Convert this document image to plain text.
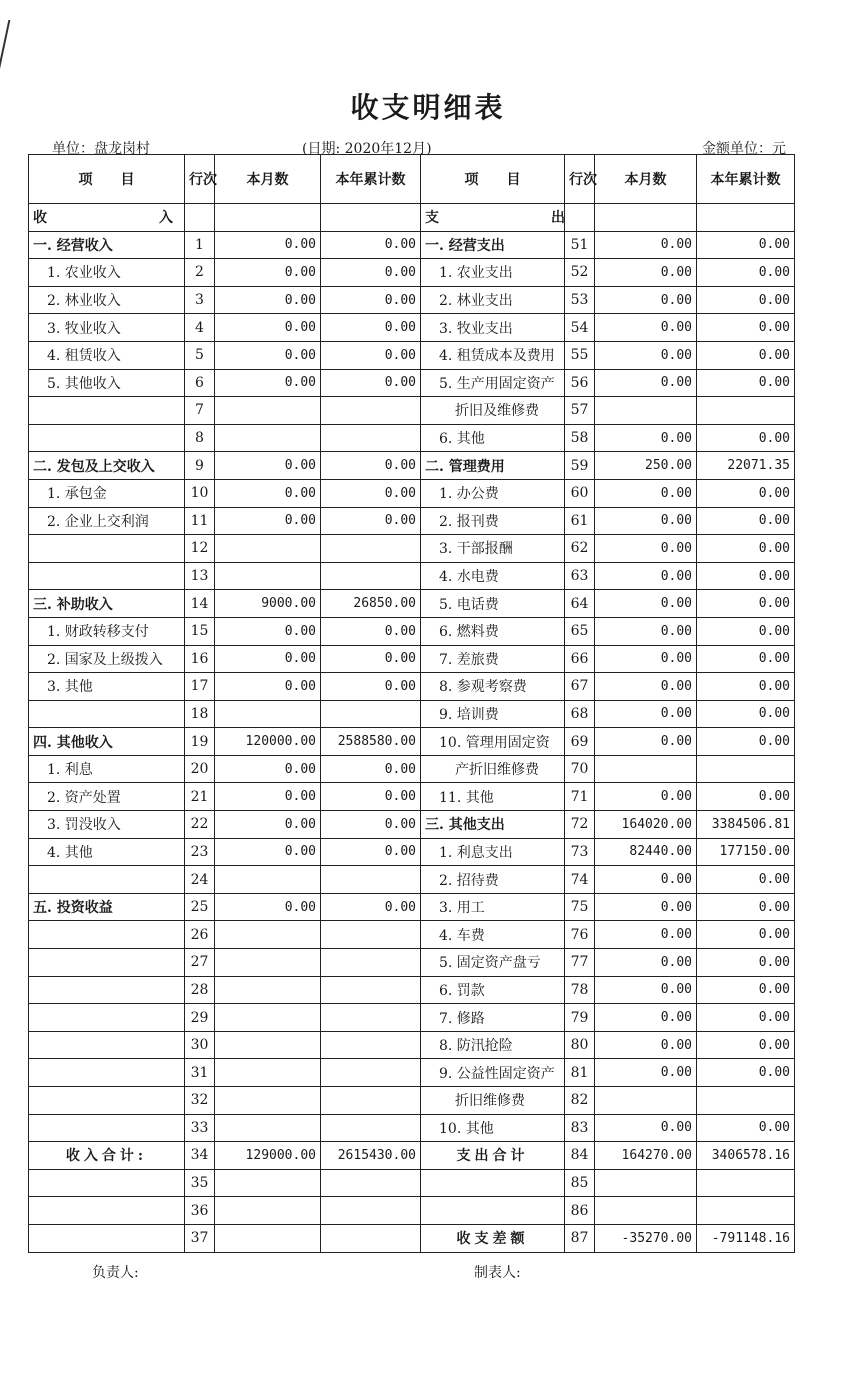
收支明细表
单位：盘龙岗村	(日期: 2020年12月)	金额单位：元
项　　目	行次	本月数	本年累计数	项　　目	行次	本月数	本年累计数
收　　入				支　　出			
一. 经营收入	1	0.00	0.00	一. 经营支出	51	0.00	0.00
1. 农业收入	2	0.00	0.00	1. 农业支出	52	0.00	0.00
2. 林业收入	3	0.00	0.00	2. 林业支出	53	0.00	0.00
3. 牧业收入	4	0.00	0.00	3. 牧业支出	54	0.00	0.00
4. 租赁收入	5	0.00	0.00	4. 租赁成本及费用	55	0.00	0.00
5. 其他收入	6	0.00	0.00	5. 生产用固定资产	56	0.00	0.00
	7			折旧及维修费	57		
	8			6. 其他	58	0.00	0.00
二. 发包及上交收入	9	0.00	0.00	二. 管理费用	59	250.00	22071.35
1. 承包金	10	0.00	0.00	1. 办公费	60	0.00	0.00
2. 企业上交利润	11	0.00	0.00	2. 报刊费	61	0.00	0.00
	12			3. 干部报酬	62	0.00	0.00
	13			4. 水电费	63	0.00	0.00
三. 补助收入	14	9000.00	26850.00	5. 电话费	64	0.00	0.00
1. 财政转移支付	15	0.00	0.00	6. 燃料费	65	0.00	0.00
2. 国家及上级拨入	16	0.00	0.00	7. 差旅费	66	0.00	0.00
3. 其他	17	0.00	0.00	8. 参观考察费	67	0.00	0.00
	18			9. 培训费	68	0.00	0.00
四. 其他收入	19	120000.00	2588580.00	10. 管理用固定资	69	0.00	0.00
1. 利息	20	0.00	0.00	产折旧维修费	70		
2. 资产处置	21	0.00	0.00	11. 其他	71	0.00	0.00
3. 罚没收入	22	0.00	0.00	三. 其他支出	72	164020.00	3384506.81
4. 其他	23	0.00	0.00	1. 利息支出	73	82440.00	177150.00
	24			2. 招待费	74	0.00	0.00
五. 投资收益	25	0.00	0.00	3. 用工	75	0.00	0.00
	26			4. 车费	76	0.00	0.00
	27			5. 固定资产盘亏	77	0.00	0.00
	28			6. 罚款	78	0.00	0.00
	29			7. 修路	79	0.00	0.00
	30			8. 防汛抢险	80	0.00	0.00
	31			9. 公益性固定资产	81	0.00	0.00
	32			折旧维修费	82		
	33			10. 其他	83	0.00	0.00
收入合计:	34	129000.00	2615430.00	支出合计	84	164270.00	3406578.16
	35				85		
	36				86		
	37			收支差额	87	-35270.00	-791148.16
负责人:	制表人:
